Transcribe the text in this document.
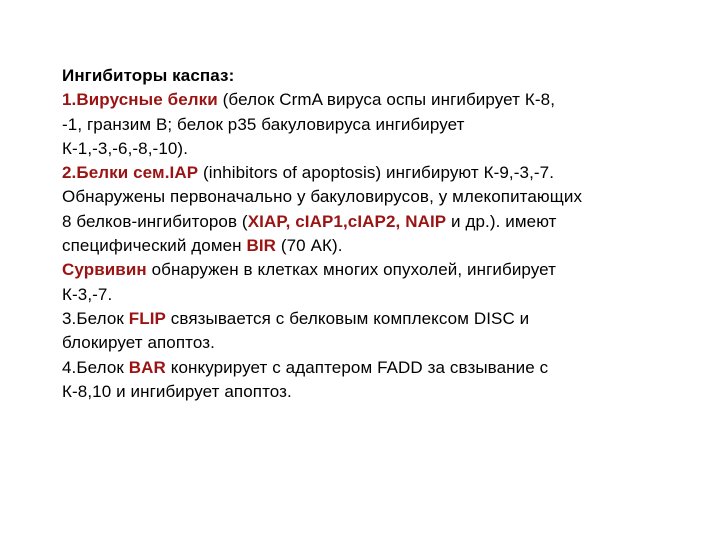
Ингибиторы каспаз:
1.Вирусные белки (белок CrmA вируса оспы ингибирует К-8,
-1, гранзим В; белок р35 бакуловируса ингибирует
К-1,-3,-6,-8,-10).
2.Белки сем.IAP (inhibitors of apoptosis) ингибируют К-9,-3,-7.
Обнаружены первоначально у бакуловирусов, у млекопитающих
8 белков-ингибиторов (XIAP, cIAP1,cIAP2, NAIP и др.). имеют
специфический домен BIR (70 АК).
Сурвивин обнаружен в клетках многих опухолей, ингибирует
К-3,-7.
3.Белок FLIP связывается с белковым комплексом DISC и
блокирует апоптоз.
4.Белок BAR конкурирует с адаптером FADD за свзывание с
К-8,10 и ингибирует апоптоз.
